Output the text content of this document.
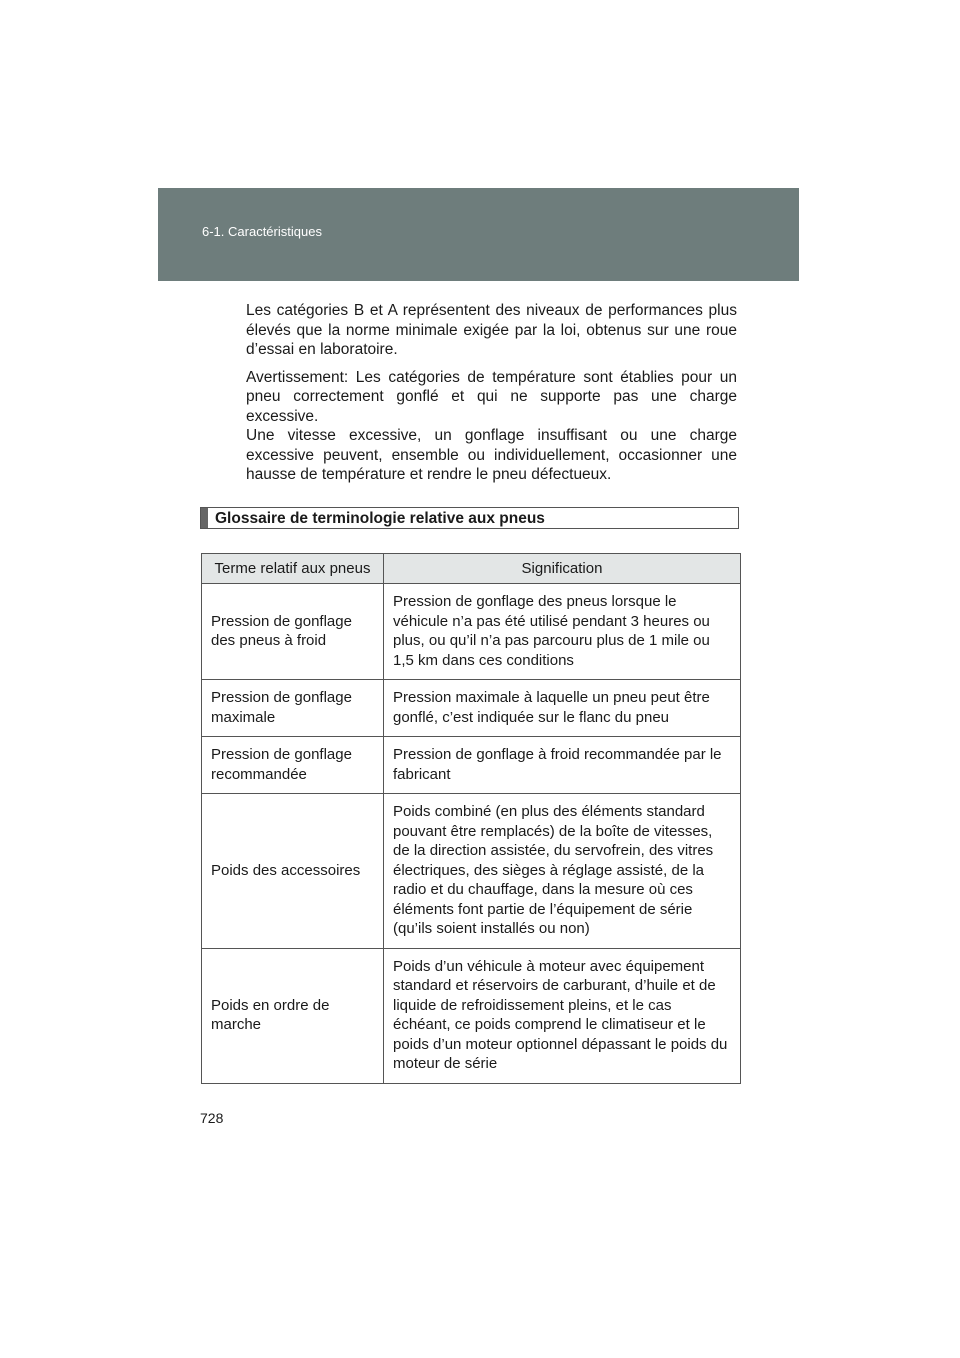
6-1. Caractéristiques

Les catégories B et A représentent des niveaux de performances plus élevés que la norme minimale exigée par la loi, obtenus sur une roue d’essai en laboratoire.

Avertissement: Les catégories de température sont établies pour un pneu correctement gonflé et qui ne supporte pas une charge excessive.

Une vitesse excessive, un gonflage insuffisant ou une charge excessive peuvent, ensemble ou individuellement, occasionner une hausse de température et rendre le pneu défectueux.

Glossaire de terminologie relative aux pneus
Terme relatif aux pneus	Signification
Pression de gonflage des pneus à froid	Pression de gonflage des pneus lorsque le véhicule n’a pas été utilisé pendant 3 heures ou plus, ou qu’il n’a pas parcouru plus de 1 mile ou 1,5 km dans ces conditions
Pression de gonflage maximale	Pression maximale à laquelle un pneu peut être gonflé, c’est indiquée sur le flanc du pneu
Pression de gonflage recommandée	Pression de gonflage à froid recommandée par le fabricant
Poids des accessoires	Poids combiné (en plus des éléments standard pouvant être remplacés) de la boîte de vitesses, de la direction assistée, du servofrein, des vitres électriques, des sièges à réglage assisté, de la radio et du chauffage, dans la mesure où ces éléments font partie de l’équipement de série (qu’ils soient installés ou non)
Poids en ordre de marche	Poids d’un véhicule à moteur avec équipement standard et réservoirs de carburant, d’huile et de liquide de refroidissement pleins, et le cas échéant, ce poids comprend le climatiseur et le poids d’un moteur optionnel dépassant le poids du moteur de série
728
